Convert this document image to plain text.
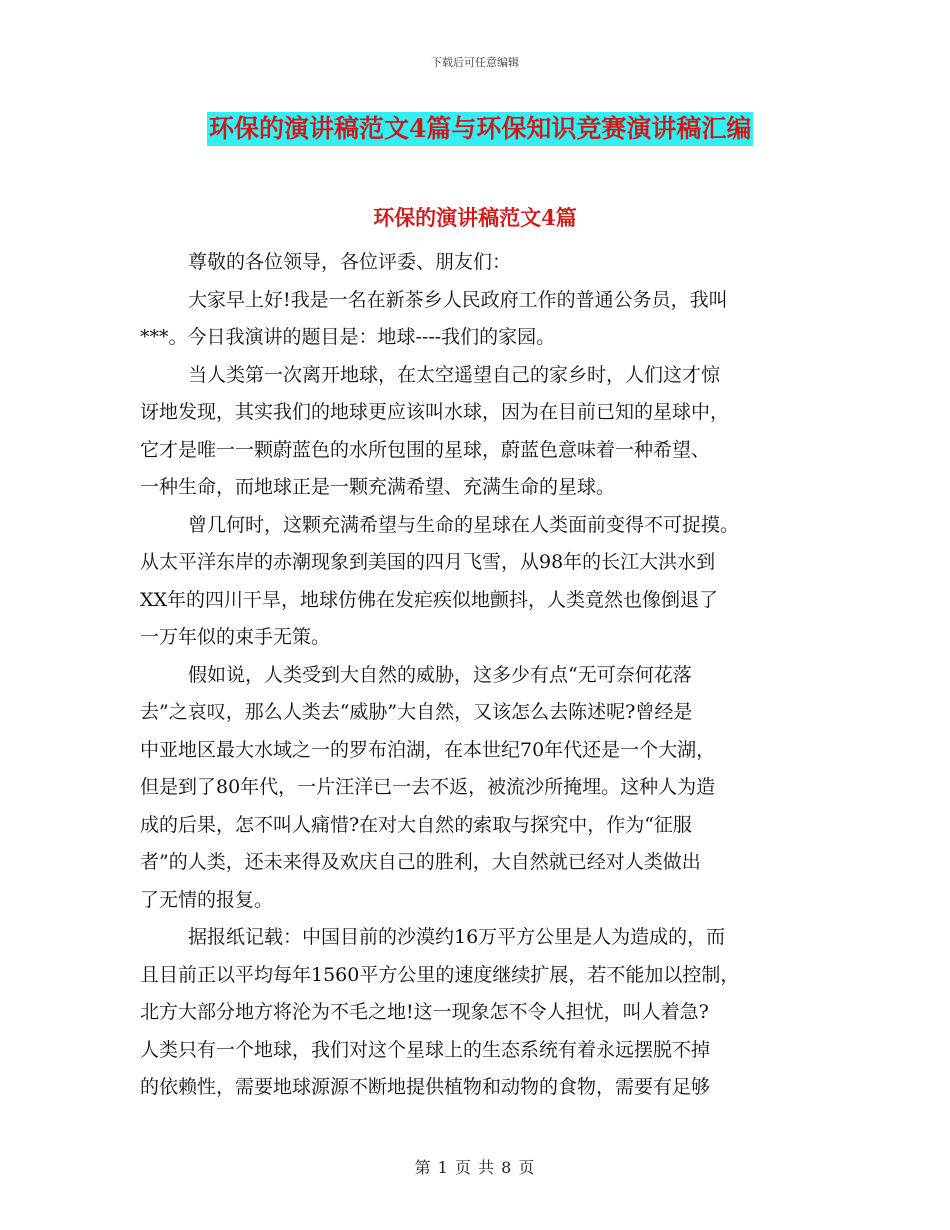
下载后可任意编辑
环保的演讲稿范文4篇与环保知识竞赛演讲稿汇编
环保的演讲稿范文4篇

尊敬的各位领导，各位评委、朋友们：

大家早上好!我是一名在新茶乡人民政府工作的普通公务员，我叫

***。今日我演讲的题目是：地球----我们的家园。

当人类第一次离开地球，在太空遥望自己的家乡时，人们这才惊

讶地发现，其实我们的地球更应该叫水球，因为在目前已知的星球中，

它才是唯一一颗蔚蓝色的水所包围的星球，蔚蓝色意味着一种希望、

一种生命，而地球正是一颗充满希望、充满生命的星球。

曾几何时，这颗充满希望与生命的星球在人类面前变得不可捉摸。

从太平洋东岸的赤潮现象到美国的四月飞雪，从98年的长江大洪水到

XX年的四川干旱，地球仿佛在发疟疾似地颤抖，人类竟然也像倒退了

一万年似的束手无策。

假如说，人类受到大自然的威胁，这多少有点“无可奈何花落

去”之哀叹，那么人类去“威胁”大自然，又该怎么去陈述呢?曾经是

中亚地区最大水域之一的罗布泊湖，在本世纪70年代还是一个大湖，

但是到了80年代，一片汪洋已一去不返，被流沙所掩埋。这种人为造

成的后果，怎不叫人痛惜?在对大自然的索取与探究中，作为“征服

者”的人类，还未来得及欢庆自己的胜利，大自然就已经对人类做出

了无情的报复。

据报纸记载：中国目前的沙漠约16万平方公里是人为造成的，而

且目前正以平均每年1560平方公里的速度继续扩展，若不能加以控制，

北方大部分地方将沦为不毛之地!这一现象怎不令人担忧，叫人着急?

人类只有一个地球，我们对这个星球上的生态系统有着永远摆脱不掉

的依赖性，需要地球源源不断地提供植物和动物的食物，需要有足够

第 1 页 共 8 页
